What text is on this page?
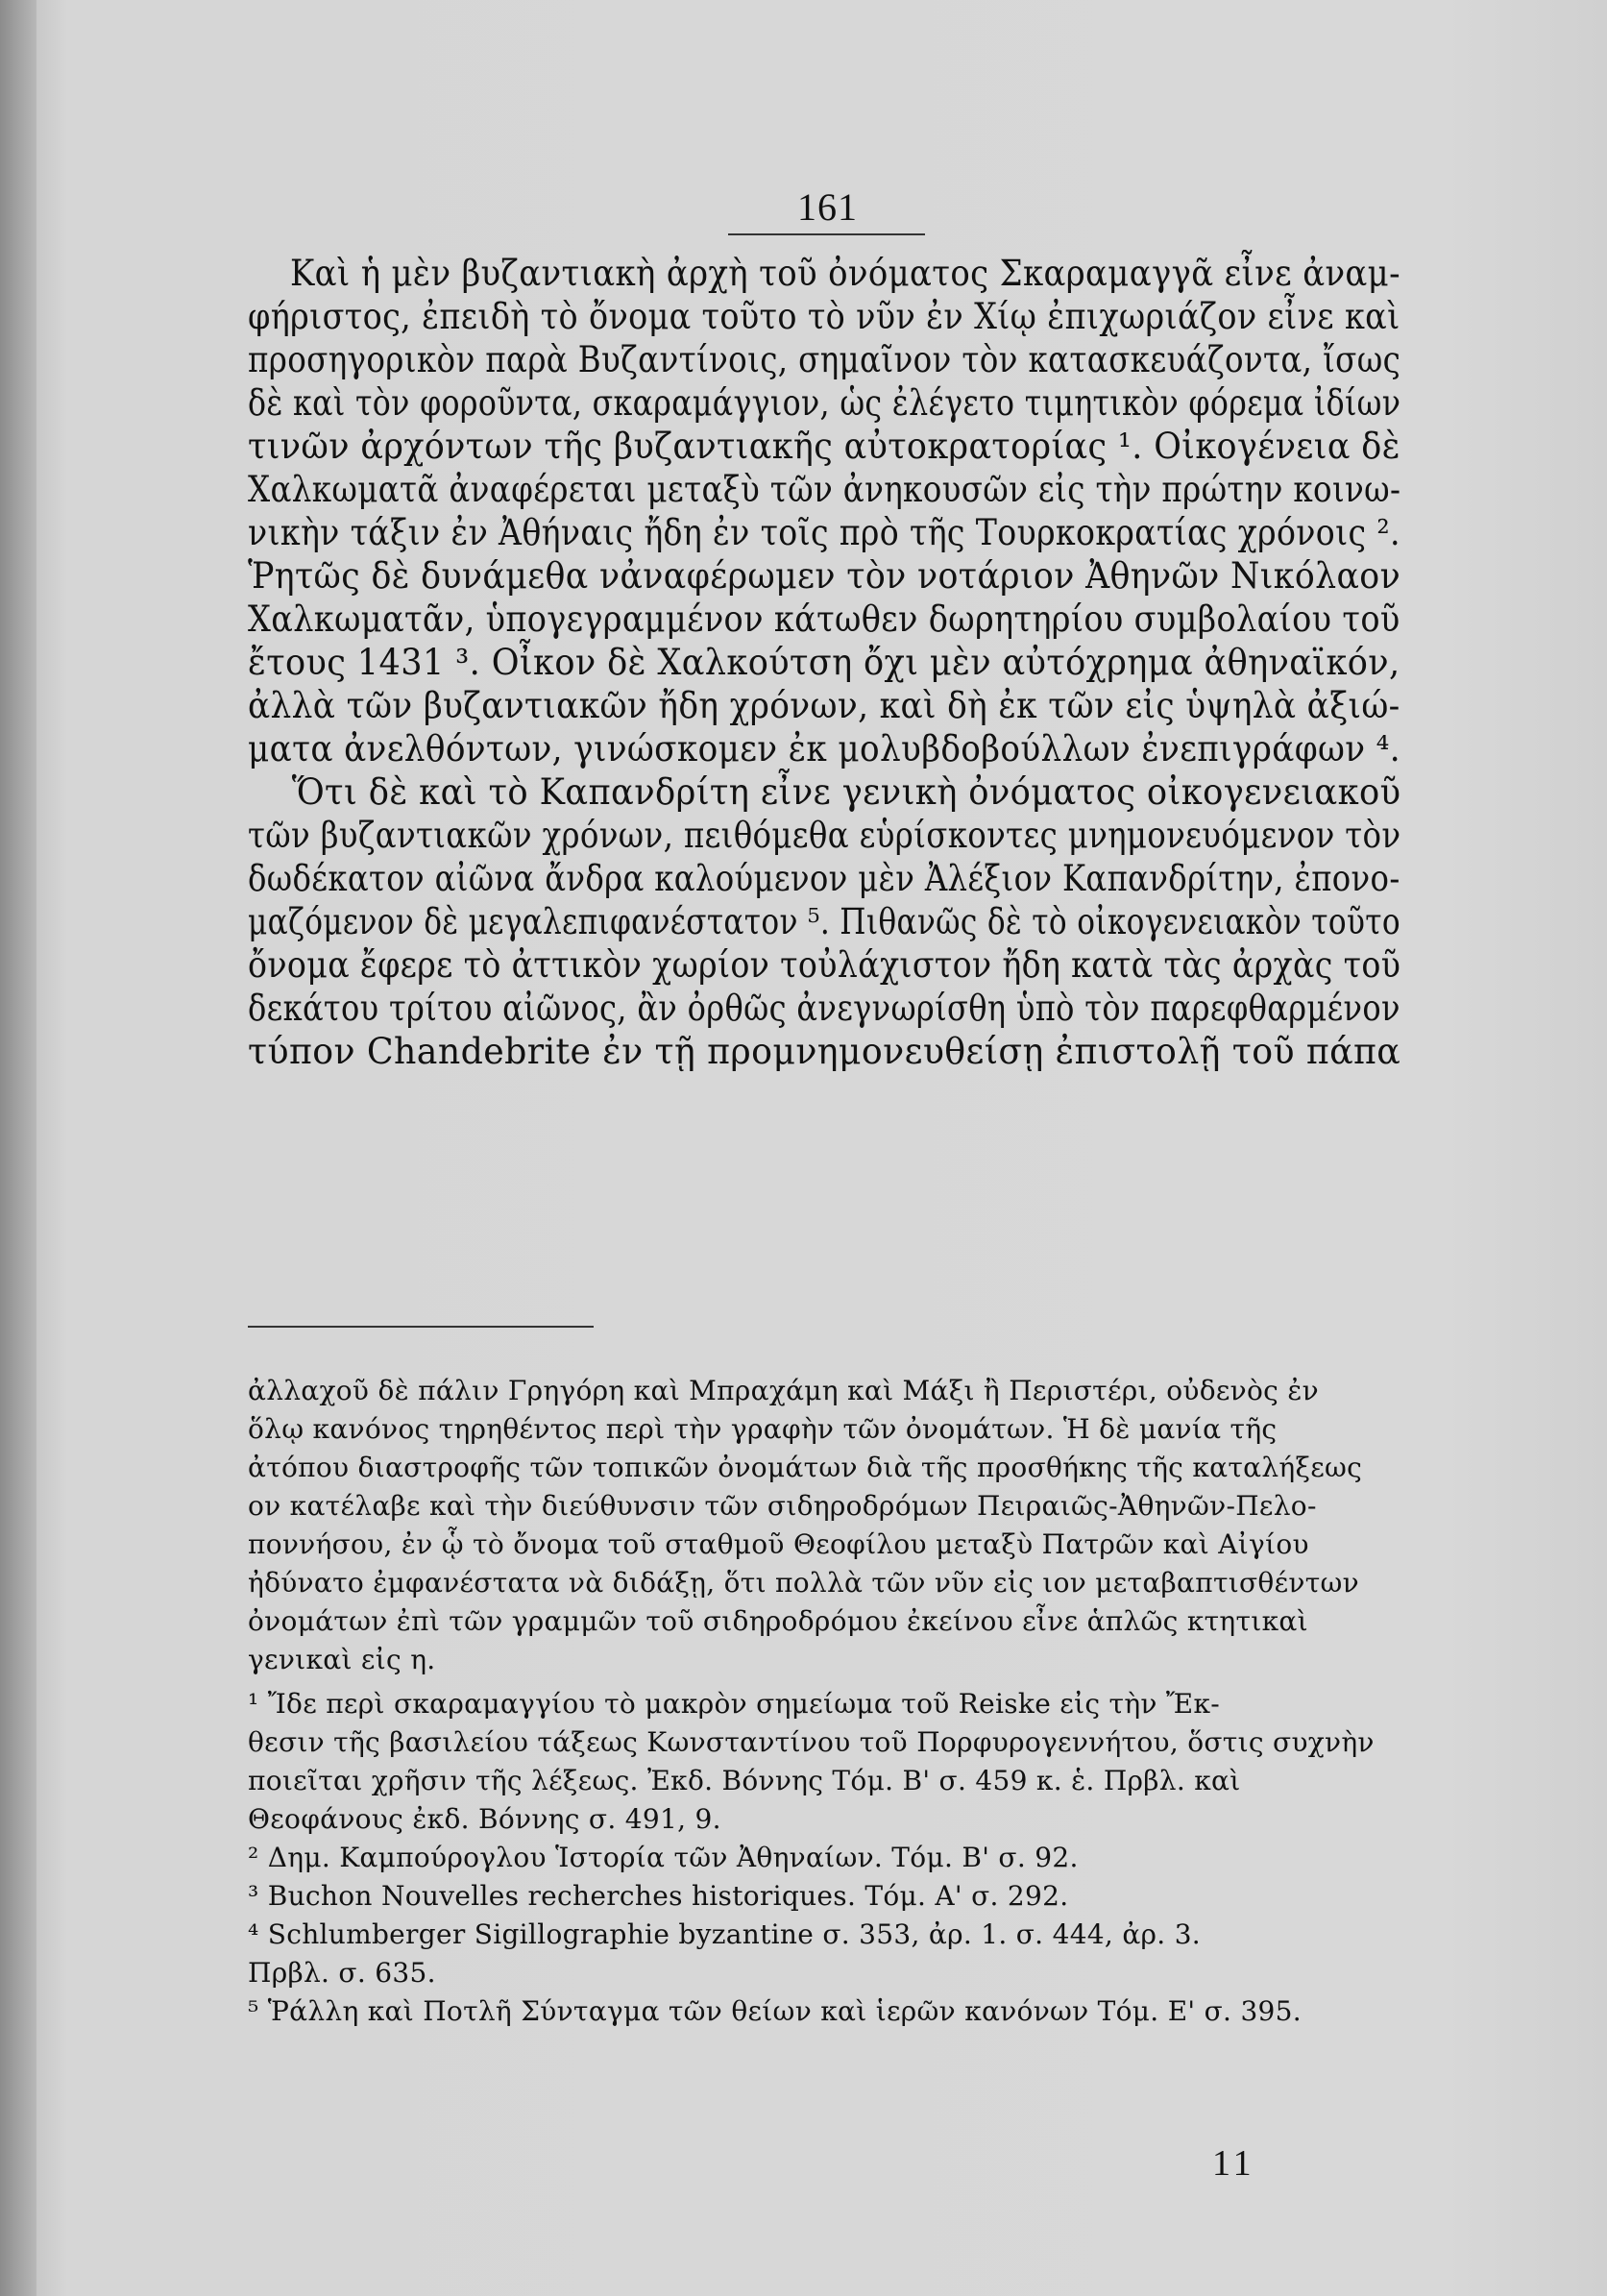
161
Καὶ ἡ μὲν βυζαντιακὴ ἀρχὴ τοῦ ὀνόματος Σκαραμαγγᾶ εἶνε ἀναμ-
φήριστος, ἐπειδὴ τὸ ὄνομα τοῦτο τὸ νῦν ἐν Χίῳ ἐπιχωριάζον εἶνε καὶ
προσηγορικὸν παρὰ Βυζαντίνοις, σημαῖνον τὸν κατασκευάζοντα, ἴσως
δὲ καὶ τὸν φοροῦντα, σκαραμάγγιον, ὡς ἐλέγετο τιμητικὸν φόρεμα ἰδίων
τινῶν ἀρχόντων τῆς βυζαντιακῆς αὐτοκρατορίας ¹. Οἰκογένεια δὲ
Χαλκωματᾶ ἀναφέρεται μεταξὺ τῶν ἀνηκουσῶν εἰς τὴν πρώτην κοινω-
νικὴν τάξιν ἐν Ἀθήναις ἤδη ἐν τοῖς πρὸ τῆς Τουρκοκρατίας χρόνοις ².
Ῥητῶς δὲ δυνάμεθα νἀναφέρωμεν τὸν νοτάριον Ἀθηνῶν Νικόλαον
Χαλκωματᾶν, ὑπογεγραμμένον κάτωθεν δωρητηρίου συμβολαίου τοῦ
ἔτους 1431 ³. Οἶκον δὲ Χαλκούτση ὄχι μὲν αὐτόχρημα ἀθηναϊκόν,
ἀλλὰ τῶν βυζαντιακῶν ἤδη χρόνων, καὶ δὴ ἐκ τῶν εἰς ὑψηλὰ ἀξιώ-
ματα ἀνελθόντων, γινώσκομεν ἐκ μολυβδοβούλλων ἐνεπιγράφων ⁴.
Ὅτι δὲ καὶ τὸ Καπανδρίτη εἶνε γενικὴ ὀνόματος οἰκογενειακοῦ
τῶν βυζαντιακῶν χρόνων, πειθόμεθα εὑρίσκοντες μνημονευόμενον τὸν
δωδέκατον αἰῶνα ἄνδρα καλούμενον μὲν Ἀλέξιον Καπανδρίτην, ἐπονο-
μαζόμενον δὲ μεγαλεπιφανέστατον ⁵. Πιθανῶς δὲ τὸ οἰκογενειακὸν τοῦτο
ὄνομα ἔφερε τὸ ἀττικὸν χωρίον τοὐλάχιστον ἤδη κατὰ τὰς ἀρχὰς τοῦ
δεκάτου τρίτου αἰῶνος, ἂν ὀρθῶς ἀνεγνωρίσθη ὑπὸ τὸν παρεφθαρμένον
τύπον Chandebrite ἐν τῇ προμνημονευθείσῃ ἐπιστολῇ τοῦ πάπα
ἀλλαχοῦ δὲ πάλιν Γρηγόρη καὶ Μπραχάμη καὶ Μάξι ἢ Περιστέρι, οὐδενὸς ἐν
ὅλῳ κανόνος τηρηθέντος περὶ τὴν γραφὴν τῶν ὀνομάτων. Ἡ δὲ μανία τῆς
ἀτόπου διαστροφῆς τῶν τοπικῶν ὀνομάτων διὰ τῆς προσθήκης τῆς καταλήξεως
ον κατέλαβε καὶ τὴν διεύθυνσιν τῶν σιδηροδρόμων Πειραιῶς-Ἀθηνῶν-Πελο-
ποννήσου, ἐν ᾧ τὸ ὄνομα τοῦ σταθμοῦ Θεοφίλου μεταξὺ Πατρῶν καὶ Αἰγίου
ἠδύνατο ἐμφανέστατα νὰ διδάξῃ, ὅτι πολλὰ τῶν νῦν εἰς ιον μεταβαπτισθέντων
ὀνομάτων ἐπὶ τῶν γραμμῶν τοῦ σιδηροδρόμου ἐκείνου εἶνε ἁπλῶς κτητικαὶ
γενικαὶ εἰς η.
¹ Ἴδε περὶ σκαραμαγγίου τὸ μακρὸν σημείωμα τοῦ Reiske εἰς τὴν Ἔκ-
θεσιν τῆς βασιλείου τάξεως Κωνσταντίνου τοῦ Πορφυρογεννήτου, ὅστις συχνὴν
ποιεῖται χρῆσιν τῆς λέξεως. Ἐκδ. Βόννης Τόμ. Β' σ. 459 κ. ἑ. Πρβλ. καὶ
Θεοφάνους ἐκδ. Βόννης σ. 491, 9.
² Δημ. Καμπούρογλου Ἱστορία τῶν Ἀθηναίων. Τόμ. Β' σ. 92.
³ Buchon Nouvelles recherches historiques. Τόμ. Α' σ. 292.
⁴ Schlumberger Sigillographie byzantine σ. 353, ἀρ. 1. σ. 444, ἀρ. 3.
Πρβλ. σ. 635.
⁵ Ῥάλλη καὶ Ποτλῆ Σύνταγμα τῶν θείων καὶ ἱερῶν κανόνων Τόμ. Ε' σ. 395.
11
